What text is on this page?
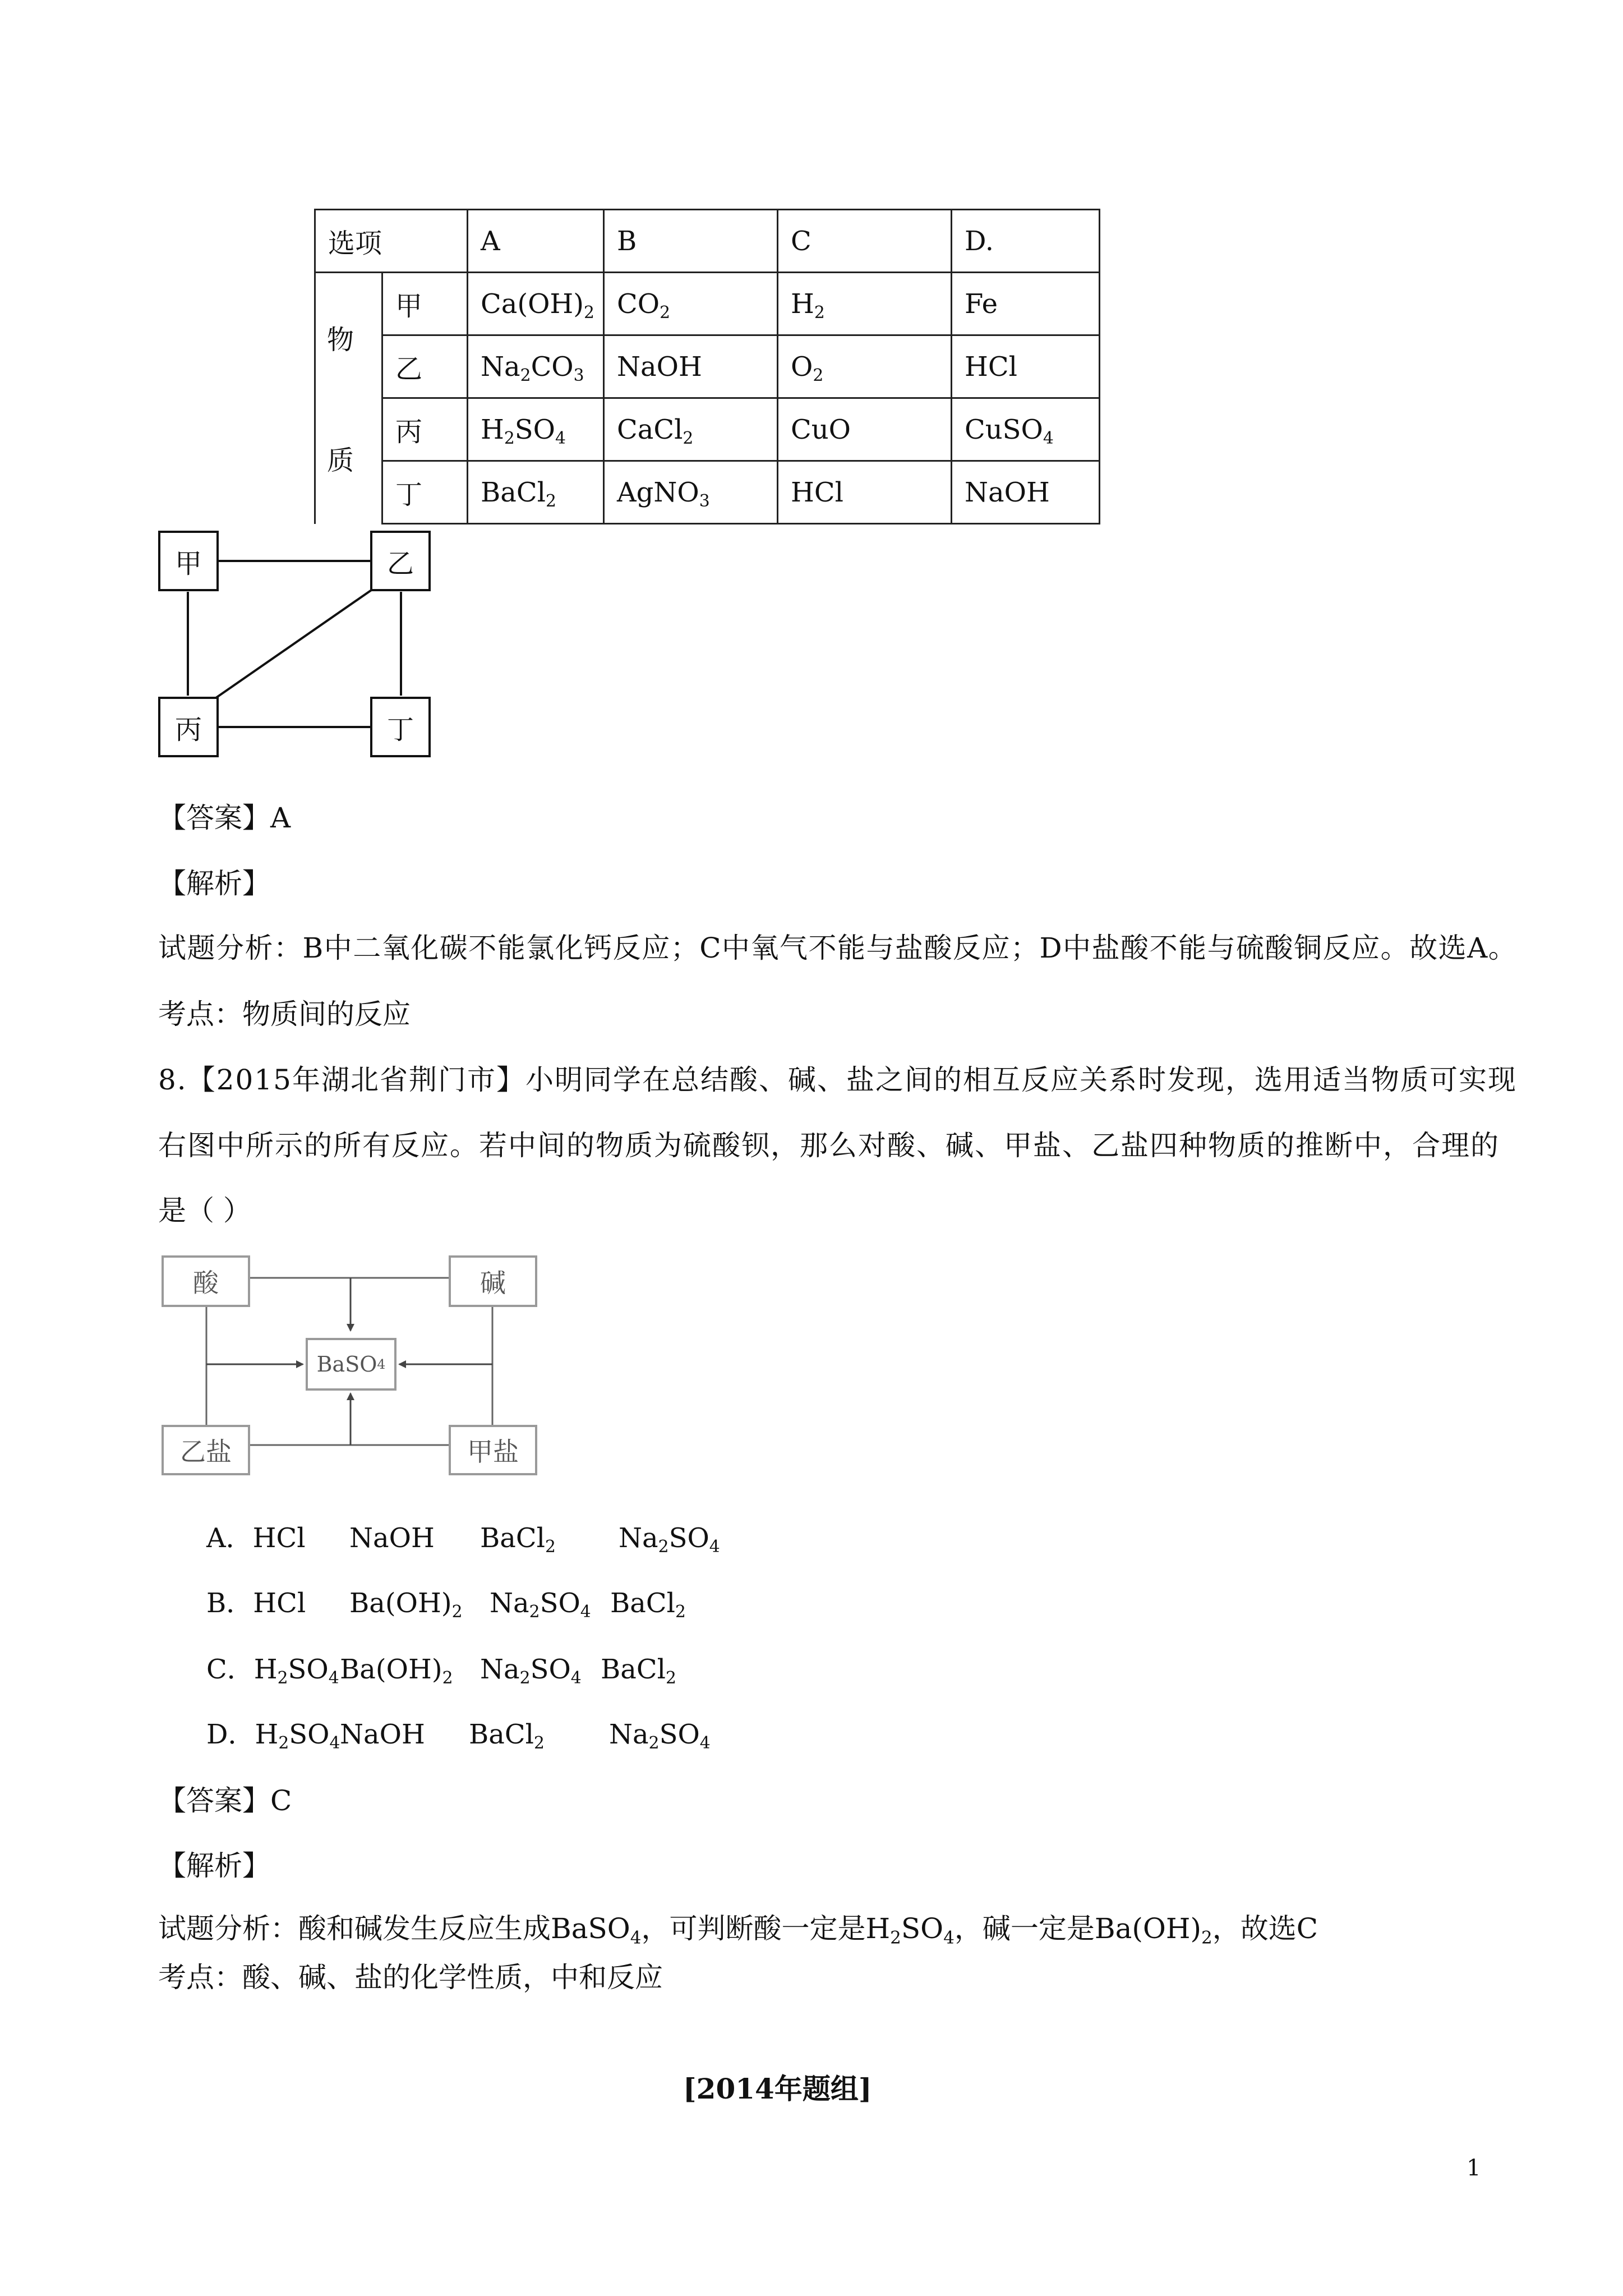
选项		A	B	C	D.

物
质	甲	$Ca(OH)_2$	$CO_2$	$H_2$	Fe
	乙	$Na_2CO_3$	NaOH	$O_2$	HCl
	丙	$H_2SO_4$	CaCl$_2$	CuO	CuSO$_4$
	丁	BaCl$_2$	AgNO$_3$	HCl	NaOH
甲	乙
丙	丁
【答案】A
【解析】
试题分析：B中二氧化碳不能氯化钙反应；C中氧气不能与盐酸反应；D中盐酸不能与硫酸铜反应。故选A。
考点：物质间的反应
8.【2015年湖北省荆门市】小明同学在总结酸、碱、盐之间的相互反应关系时发现，选用适当物质可实现
右图中所示的所有反应。若中间的物质为硫酸钡，那么对酸、碱、甲盐、乙盐四种物质的推断中，合理的
是（ ）
酸	碱
BaSO 4
乙盐	甲盐
A．HCl NaOH BaCl$_2$ $Na_2SO_4$
B．HCl $Ba(OH)_2$ $Na_2SO_4$ BaCl$_2$
C．$H_2SO_4$ $Ba(OH)_2$ $Na_2SO_4$ BaCl$_2$
D．$H_2SO_4$ NaOH BaCl$_2$ $Na_2SO_4$
【答案】C
【解析】
试题分析：酸和碱发生反应生成BaSO$_4$，可判断酸一定是$H_2SO_4$，碱一定是$Ba(OH)_2$，故选C
考点：酸、碱、盐的化学性质，中和反应
[2014年题组]
1
